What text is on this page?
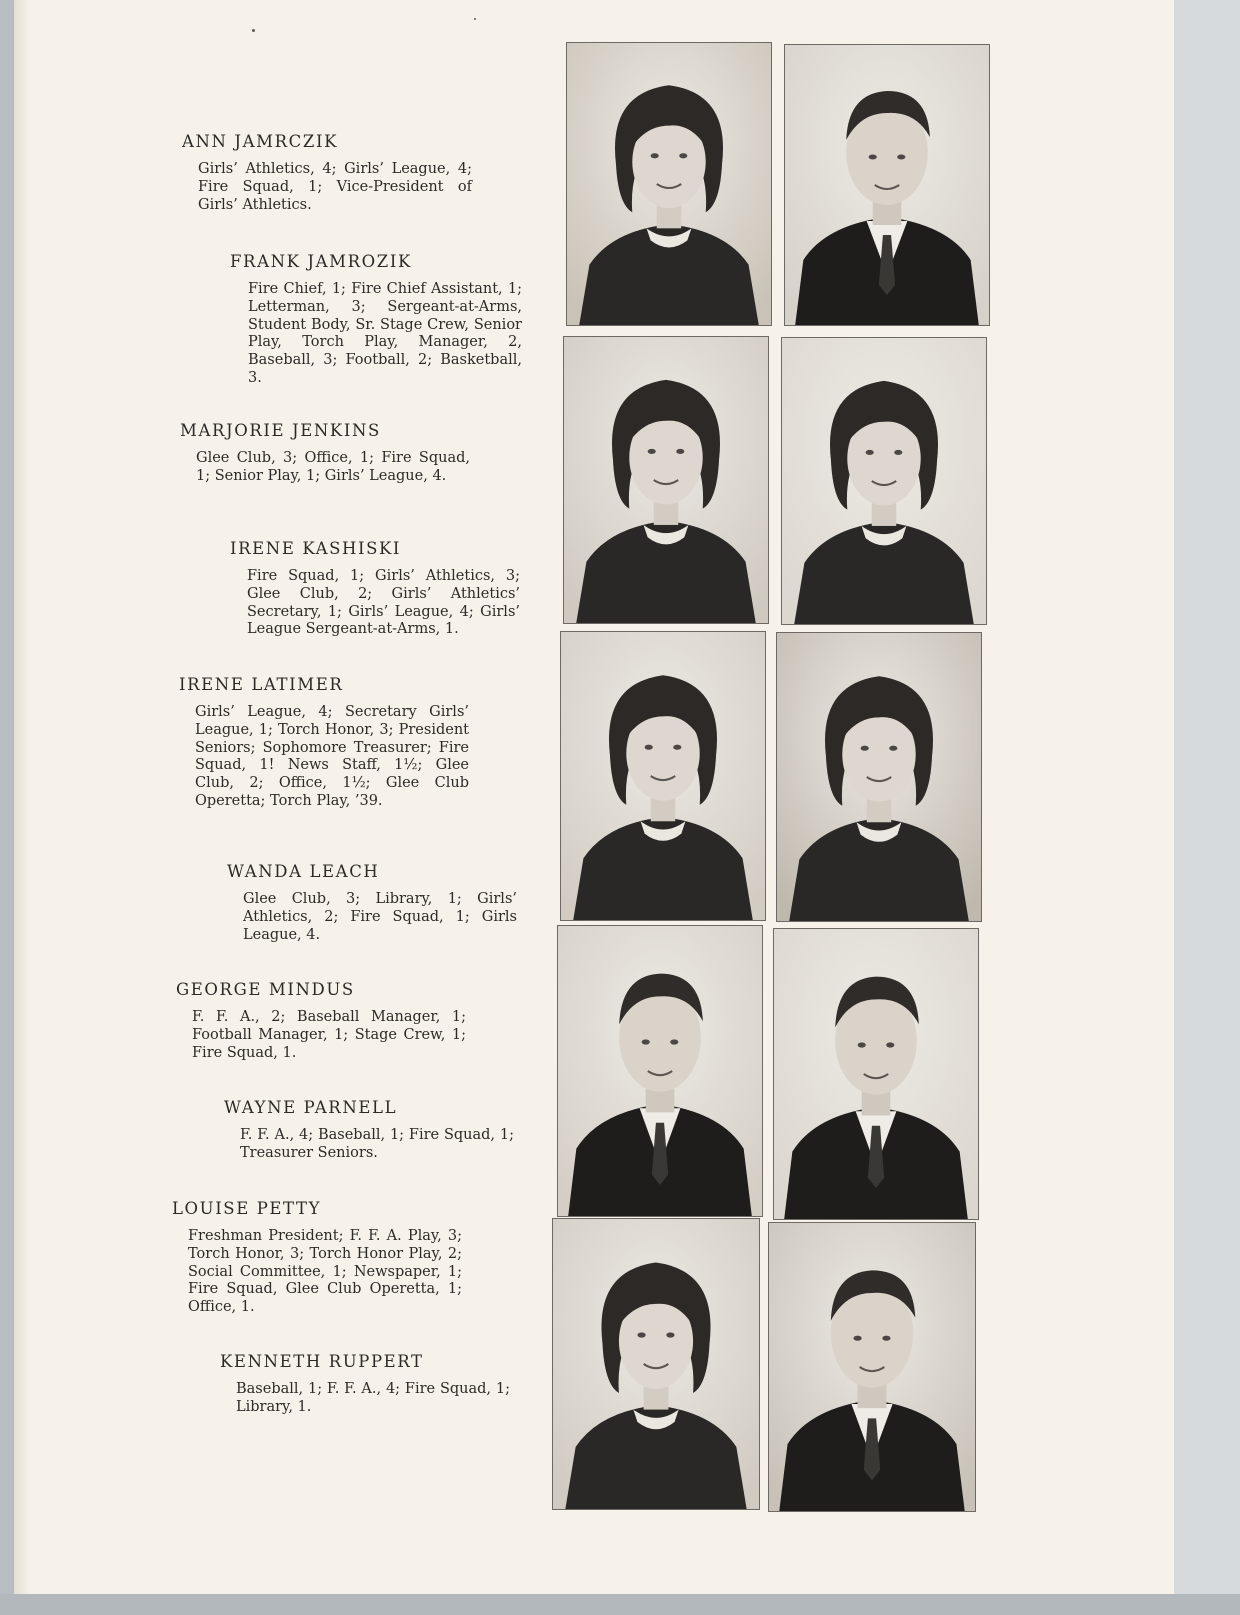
ANN JAMRCZIK

Girls’ Athletics, 4; Girls’ League, 4; Fire Squad, 1; Vice-President of Girls’ Athletics.

FRANK JAMROZIK

Fire Chief, 1; Fire Chief Assistant, 1; Letterman, 3; Sergeant-at-Arms, Student Body, Sr. Stage Crew, Senior Play, Torch Play, Manager, 2, Baseball, 3; Football, 2; Basketball, 3.

MARJORIE JENKINS

Glee Club, 3; Office, 1; Fire Squad, 1; Senior Play, 1; Girls’ League, 4.

IRENE KASHISKI

Fire Squad, 1; Girls’ Athletics, 3; Glee Club, 2; Girls’ Athletics’ Secretary, 1; Girls’ League, 4; Girls’ League Sergeant-at-Arms, 1.

IRENE LATIMER

Girls’ League, 4; Secretary Girls’ League, 1; Torch Honor, 3; President Seniors; Sophomore Treasurer; Fire Squad, 1! News Staff, 1½; Glee Club, 2; Office, 1½; Glee Club Operetta; Torch Play, ’39.

WANDA LEACH

Glee Club, 3; Library, 1; Girls’ Athletics, 2; Fire Squad, 1; Girls League, 4.

GEORGE MINDUS

F. F. A., 2; Baseball Manager, 1; Football Manager, 1; Stage Crew, 1; Fire Squad, 1.

WAYNE PARNELL

F. F. A., 4; Baseball, 1; Fire Squad, 1; Treasurer Seniors.

LOUISE PETTY

Freshman President; F. F. A. Play, 3; Torch Honor, 3; Torch Honor Play, 2; Social Committee, 1; Newspaper, 1; Fire Squad, Glee Club Operetta, 1; Office, 1.

KENNETH RUPPERT

Baseball, 1; F. F. A., 4; Fire Squad, 1; Library, 1.
